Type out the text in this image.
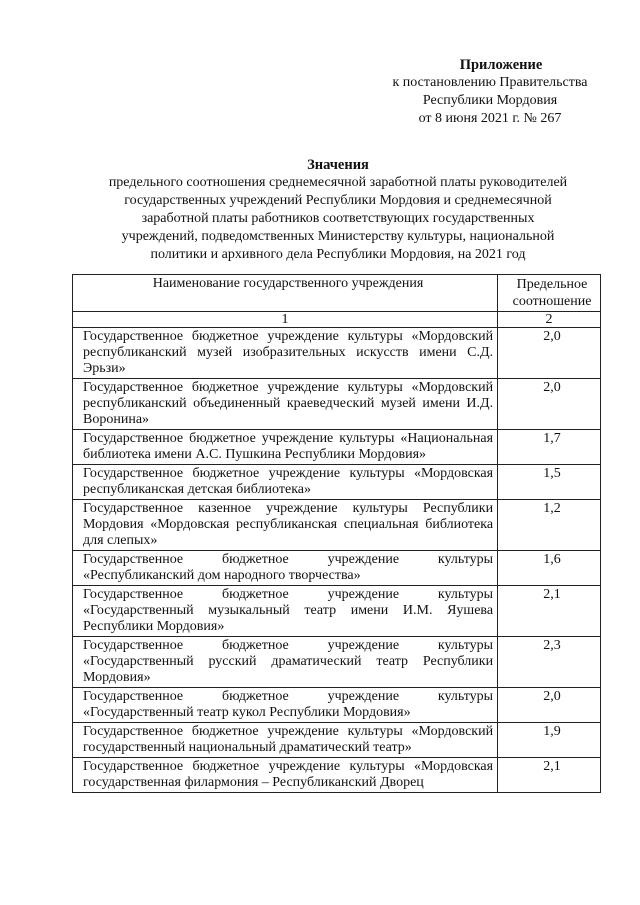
Приложение
к постановлению Правительства
Республики Мордовия
от 8 июня 2021 г. № 267
Значения
предельного соотношения среднемесячной заработной платы руководителей
государственных учреждений Республики Мордовия и среднемесячной
заработной платы работников соответствующих государственных
учреждений, подведомственных Министерству культуры, национальной
политики и архивного дела Республики Мордовия, на 2021 год
Наименование государственного учреждения	Предельное соотношение
1	2
Государственное бюджетное учреждение культуры «Мордовский республиканский музей изобразительных искусств имени С.Д. Эрьзи»	2,0
Государственное бюджетное учреждение культуры «Мордовский республиканский объединенный краеведческий музей имени И.Д. Воронина»	2,0
Государственное бюджетное учреждение культуры «Национальная библиотека имени А.С. Пушкина Республики Мордовия»	1,7
Государственное бюджетное учреждение культуры «Мордовская республиканская детская библиотека»	1,5
Государственное казенное учреждение культуры Республики Мордовия «Мордовская республиканская специальная библиотека для слепых»	1,2
Государственное бюджетное учреждение культуры «Республиканский дом народного творчества»	1,6
Государственное бюджетное учреждение культуры «Государственный музыкальный театр имени И.М. Яушева Республики Мордовия»	2,1
Государственное бюджетное учреждение культуры «Государственный русский драматический театр Республики Мордовия»	2,3
Государственное бюджетное учреждение культуры «Государственный театр кукол Республики Мордовия»	2,0
Государственное бюджетное учреждение культуры «Мордовский государственный национальный драматический театр»	1,9
Государственное бюджетное учреждение культуры «Мордовская государственная филармония – Республиканский Дворец	2,1
